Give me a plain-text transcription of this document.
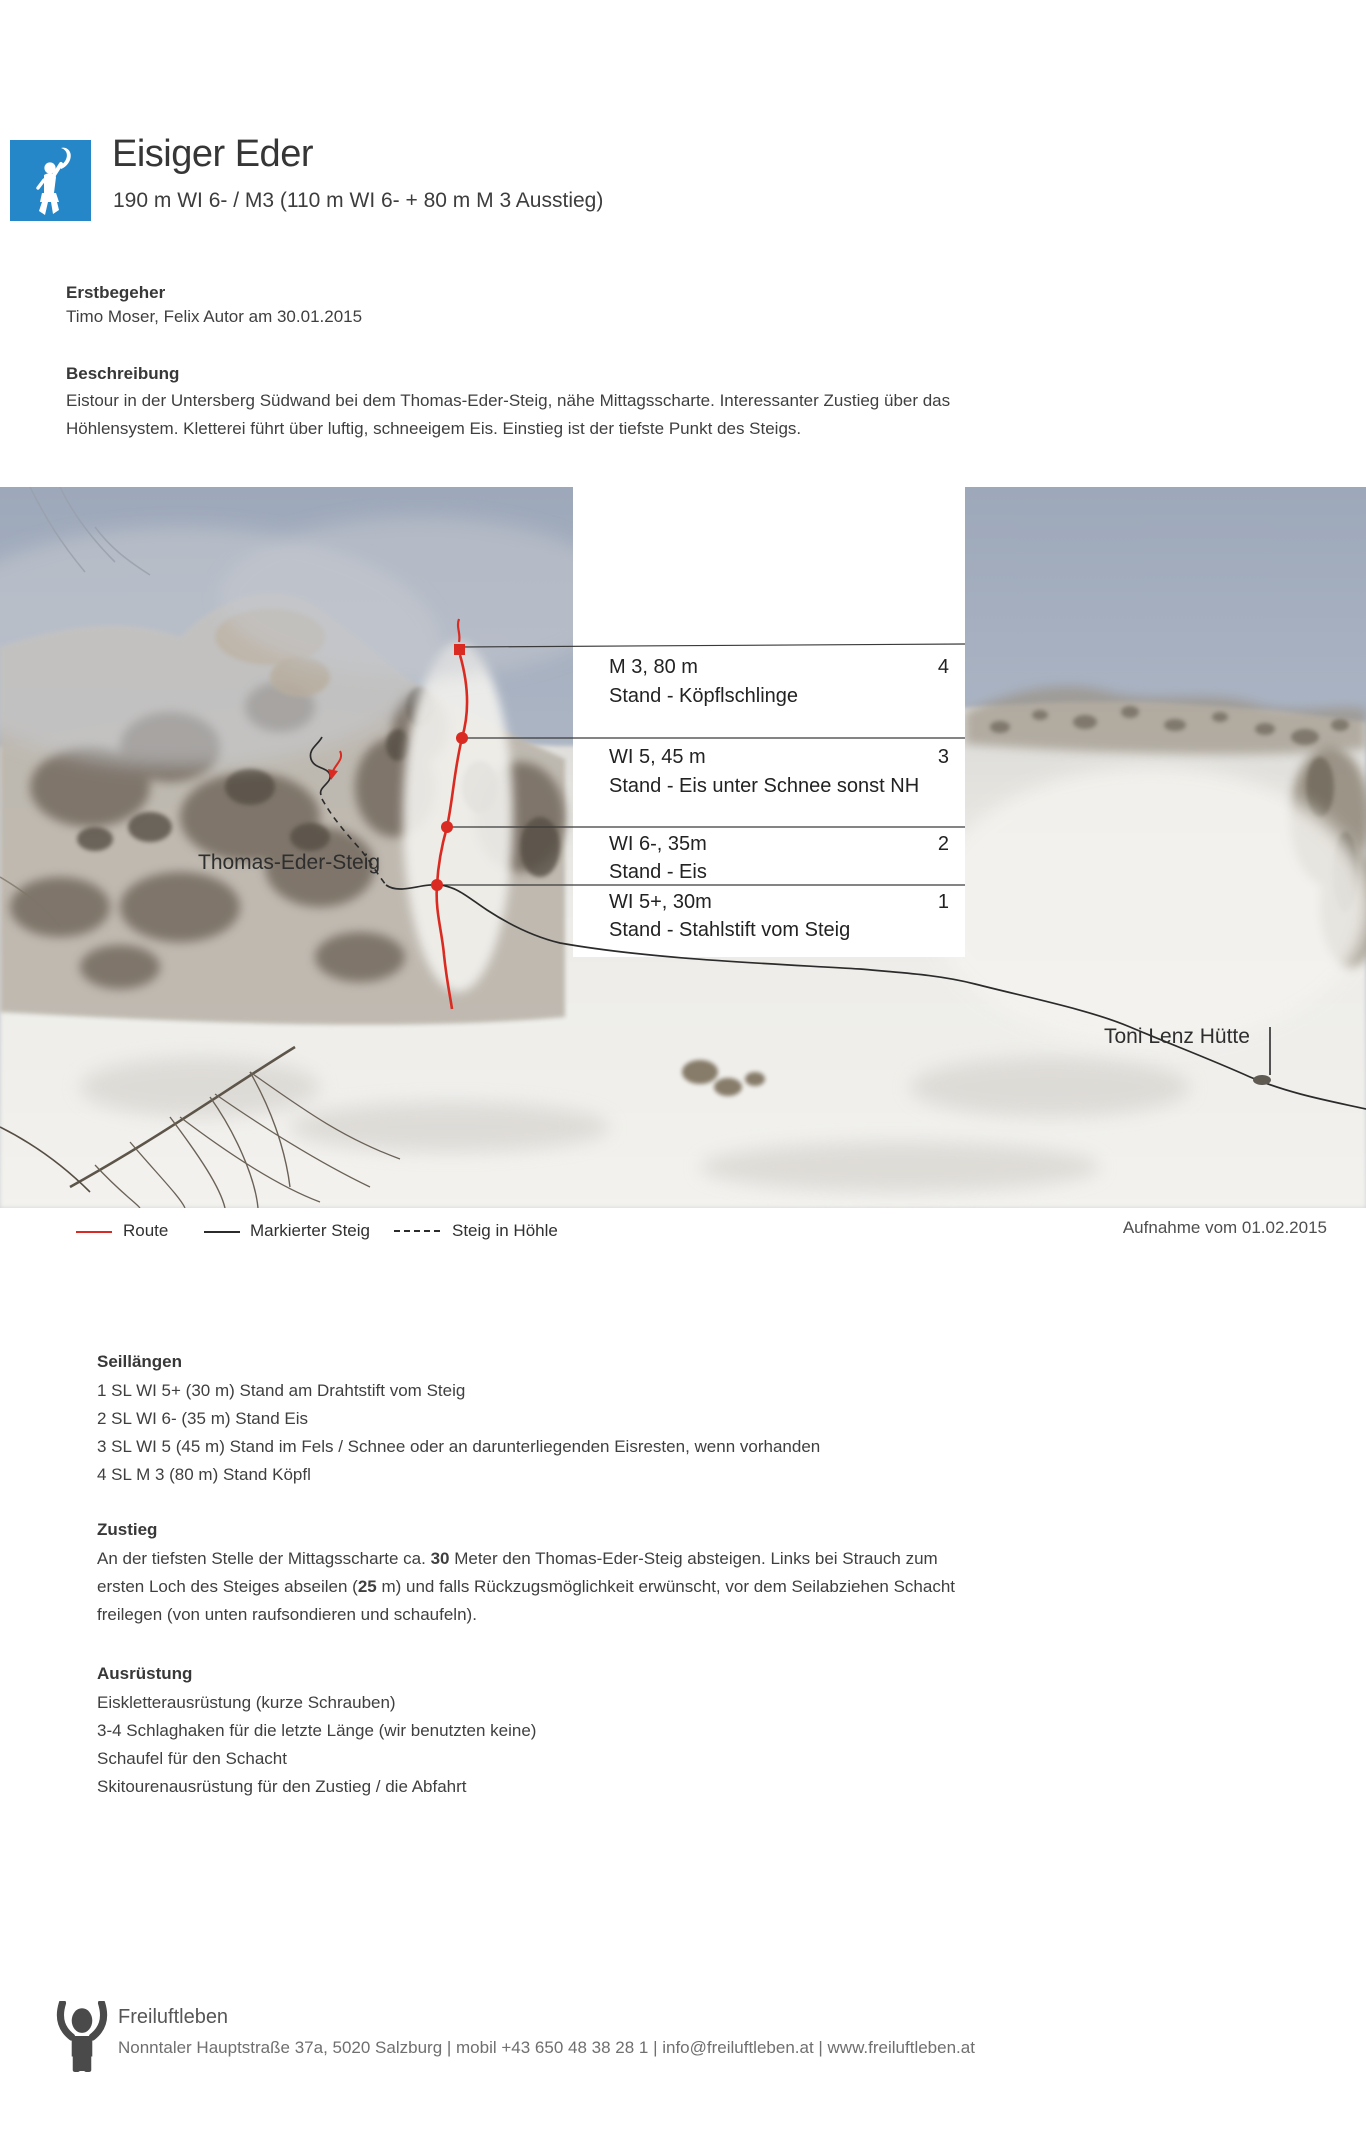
Eisiger Eder
190 m WI 6- / M3 (110 m WI 6- + 80 m M 3 Ausstieg)
Erstbegeher
Timo Moser, Felix Autor am 30.01.2015
Beschreibung
Eistour in der Untersberg Südwand bei dem Thomas-Eder-Steig, nähe Mittagsscharte. Interessanter Zustieg über das
Höhlensystem. Kletterei führt über luftig, schneeigem Eis. Einstieg ist der tiefste Punkt des Steigs.
M 3, 80 m	4
Stand - Köpflschlinge
WI 5, 45 m	3
Stand - Eis unter Schnee sonst NH
WI 6-, 35m	2
Stand - Eis
WI 5+, 30m	1
Stand - Stahlstift vom Steig
Thomas-Eder-Steig
Toni Lenz Hütte
Route	Markierter Steig	Steig in Höhle	Aufnahme vom 01.02.2015
Seillängen
1 SL WI 5+ (30 m) Stand am Drahtstift vom Steig
2 SL WI 6- (35 m) Stand Eis
3 SL WI 5 (45 m) Stand im Fels / Schnee oder an darunterliegenden Eisresten, wenn vorhanden
4 SL M 3 (80 m) Stand Köpfl
Zustieg
An der tiefsten Stelle der Mittagsscharte ca. 30 Meter den Thomas-Eder-Steig absteigen. Links bei Strauch zum
ersten Loch des Steiges abseilen (25 m) und falls Rückzugsmöglichkeit erwünscht, vor dem Seilabziehen Schacht
freilegen (von unten raufsondieren und schaufeln).
Ausrüstung
Eiskletterausrüstung (kurze Schrauben)
3-4 Schlaghaken für die letzte Länge (wir benutzten keine)
Schaufel für den Schacht
Skitourenausrüstung für den Zustieg / die Abfahrt
Freiluftleben
Nonntaler Hauptstraße 37a, 5020 Salzburg | mobil +43 650 48 38 28 1 | info@freiluftleben.at | www.freiluftleben.at
